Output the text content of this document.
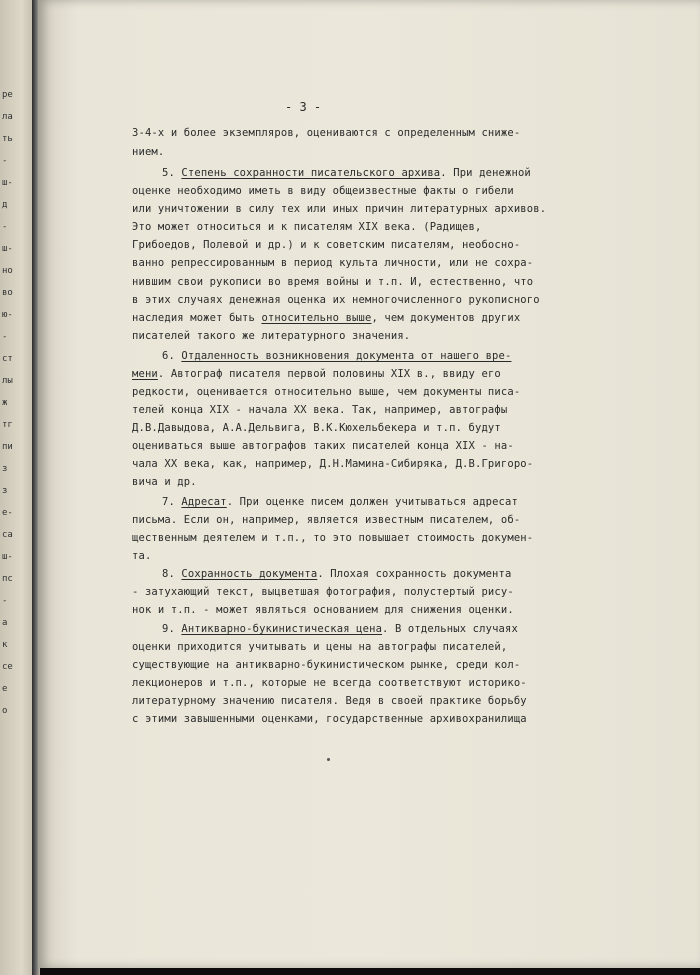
ре
ла
ть
-
ш-
д
-
ш-
но
во
ю-
-
ст
лы
ж
тг
пи
з
з
е-
са
ш-
пс
-
а
к
се
е
о
- 3 -
3-4-х и более экземпляров, оцениваются с определенным сниже-
нием.
5. Степень сохранности писательского архива. При денежной
оценке необходимо иметь в виду общеизвестные факты о гибели
или уничтожении в силу тех или иных причин литературных архивов.
Это может относиться и к писателям XIX века. (Радищев,
Грибоедов, Полевой и др.) и к советским писателям, необосно-
ванно репрессированным в период культа личности, или не сохра-
нившим свои рукописи во время войны и т.п. И, естественно, что
в этих случаях денежная оценка их немногочисленного рукописного
наследия может быть относительно выше, чем документов других
писателей такого же литературного значения.
6. Отдаленность возникновения документа от нашего вре-
мени. Автограф писателя первой половины XIX в., ввиду его
редкости, оценивается относительно выше, чем документы писа-
телей конца XIX - начала XX века. Так, например, автографы
Д.В.Давыдова, А.А.Дельвига, В.К.Кюхельбекера и т.п. будут
оцениваться выше автографов таких писателей конца XIX - на-
чала XX века, как, например, Д.Н.Мамина-Сибиряка, Д.В.Григоро-
вича и др.
7. Адресат. При оценке писем должен учитываться адресат
письма. Если он, например, является известным писателем, об-
щественным деятелем и т.п., то это повышает стоимость докумен-
та.
8. Сохранность документа. Плохая сохранность документа
- затухающий текст, выцветшая фотография, полустертый рису-
нок и т.п. - может являться основанием для снижения оценки.
9. Антикварно-букинистическая цена. В отдельных случаях
оценки приходится учитывать и цены на автографы писателей,
существующие на антикварно-букинистическом рынке, среди кол-
лекционеров и т.п., которые не всегда соответствуют историко-
литературному значению писателя. Ведя в своей практике борьбу
с этими завышенными оценками, государственные архивохранилища
